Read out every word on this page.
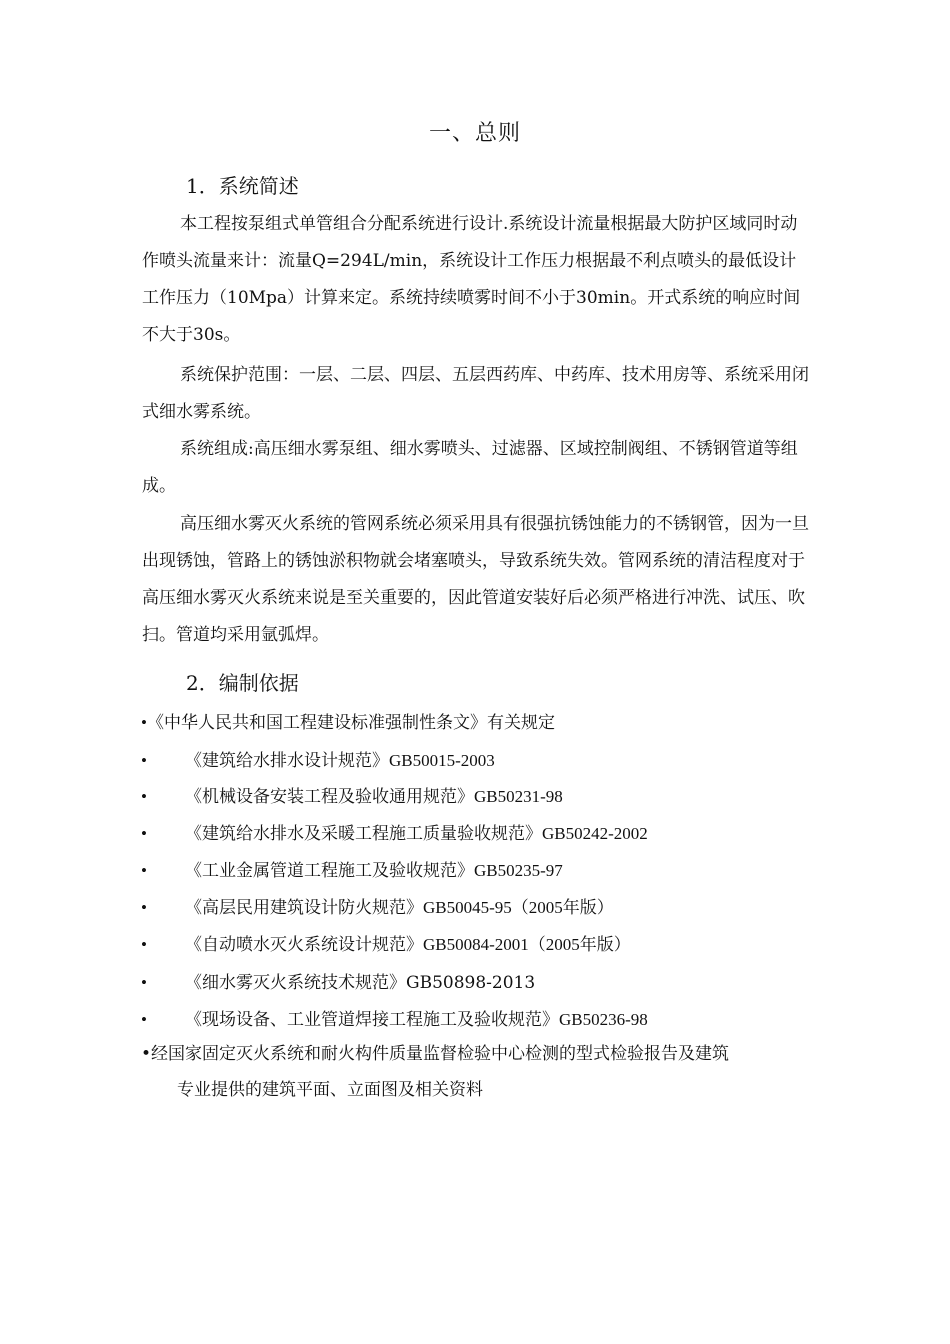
一、总则
1．系统简述
本工程按泵组式单管组合分配系统进行设计.系统设计流量根据最大防护区域同时动作喷头流量来计：流量Q=294L/min，系统设计工作压力根据最不利点喷头的最低设计工作压力（10Mpa）计算来定。系统持续喷雾时间不小于30min。开式系统的响应时间不大于30s。
系统保护范围：一层、二层、四层、五层西药库、中药库、技术用房等、系统采用闭式细水雾系统。
系统组成:高压细水雾泵组、细水雾喷头、过滤器、区域控制阀组、不锈钢管道等组成。
高压细水雾灭火系统的管网系统必须采用具有很强抗锈蚀能力的不锈钢管，因为一旦出现锈蚀，管路上的锈蚀淤积物就会堵塞喷头，导致系统失效。管网系统的清洁程度对于高压细水雾灭火系统来说是至关重要的，因此管道安装好后必须严格进行冲洗、试压、吹扫。管道均采用氩弧焊。
2．编制依据
•《中华人民共和国工程建设标准强制性条文》有关规定
• 《建筑给水排水设计规范》GB50015-2003
• 《机械设备安装工程及验收通用规范》GB50231-98
• 《建筑给水排水及采暖工程施工质量验收规范》GB50242-2002
• 《工业金属管道工程施工及验收规范》GB50235-97
• 《高层民用建筑设计防火规范》GB50045-95（2005年版）
• 《自动喷水灭火系统设计规范》GB50084-2001（2005年版）
• 《细水雾灭火系统技术规范》GB50898-2013
• 《现场设备、工业管道焊接工程施工及验收规范》GB50236-98
•经国家固定灭火系统和耐火构件质量监督检验中心检测的型式检验报告及建筑
专业提供的建筑平面、立面图及相关资料
